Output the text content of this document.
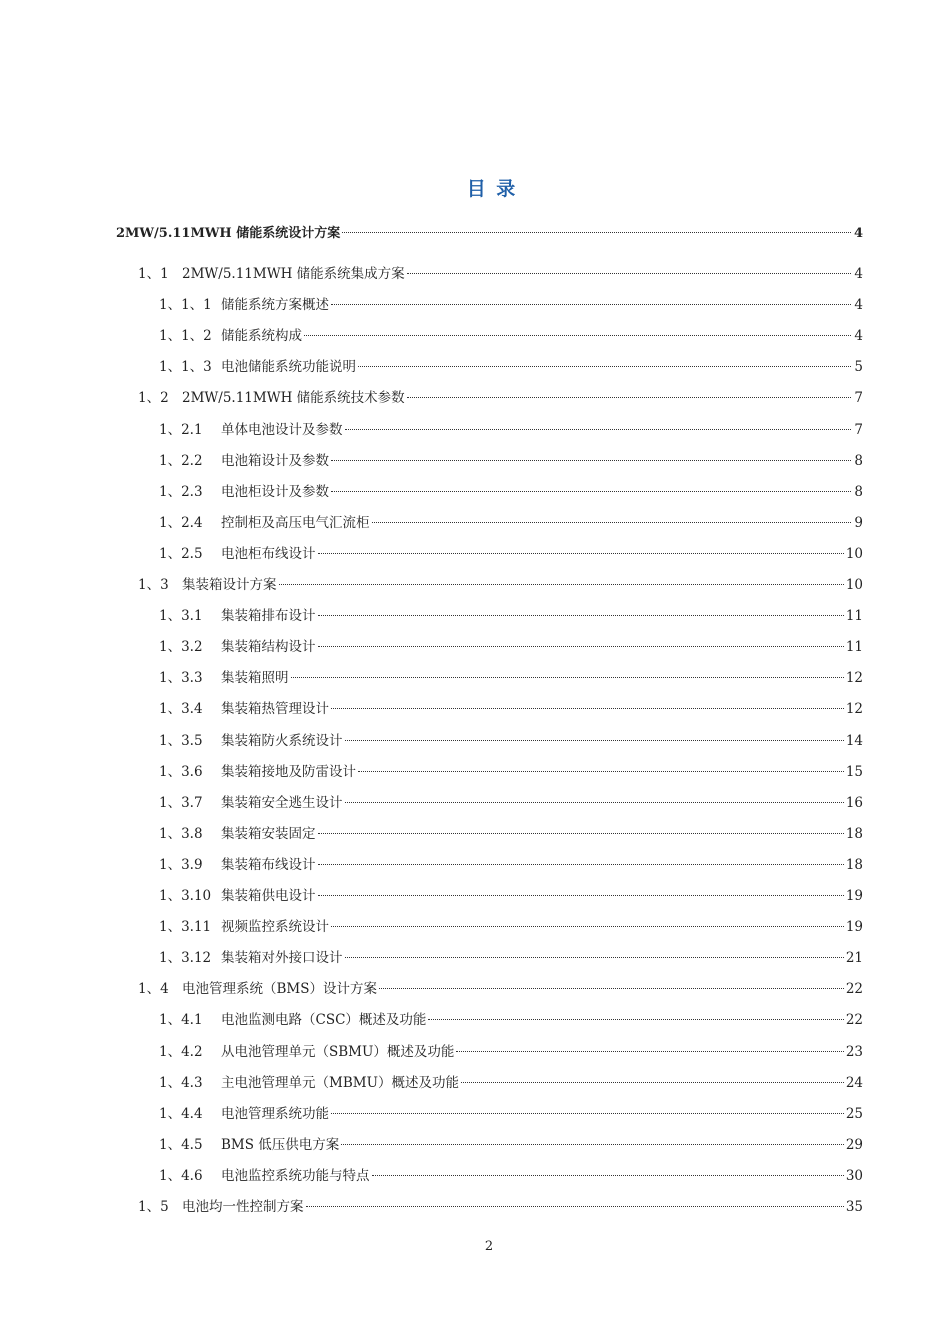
目 录
2MW/5.11MWH 储能系统设计方案	4
1、1 2MW/5.11MWH 储能系统集成方案	4
1、1、1 储能系统方案概述	4
1、1、2 储能系统构成	4
1、1、3 电池储能系统功能说明	5
1、2 2MW/5.11MWH 储能系统技术参数	7
1、2.1	单体电池设计及参数	7
1、2.2	电池箱设计及参数	8
1、2.3	电池柜设计及参数	8
1、2.4	控制柜及高压电气汇流柜	9
1、2.5	电池柜布线设计	10
1、3 集装箱设计方案	10
1、3.1	集装箱排布设计	11
1、3.2	集装箱结构设计	11
1、3.3	集装箱照明	12
1、3.4	集装箱热管理设计	12
1、3.5	集装箱防火系统设计	14
1、3.6	集装箱接地及防雷设计	15
1、3.7	集装箱安全逃生设计	16
1、3.8	集装箱安装固定	18
1、3.9	集装箱布线设计	18
1、3.10 集装箱供电设计	19
1、3.11 视频监控系统设计	19
1、3.12 集装箱对外接口设计	21
1、4 电池管理系统（BMS）设计方案	22
1、4.1	电池监测电路（CSC）概述及功能	22
1、4.2	从电池管理单元（SBMU）概述及功能	23
1、4.3	主电池管理单元（MBMU）概述及功能	24
1、4.4	电池管理系统功能	25
1、4.5	BMS 低压供电方案	29
1、4.6	电池监控系统功能与特点	30
1、5 电池均一性控制方案	35
2
